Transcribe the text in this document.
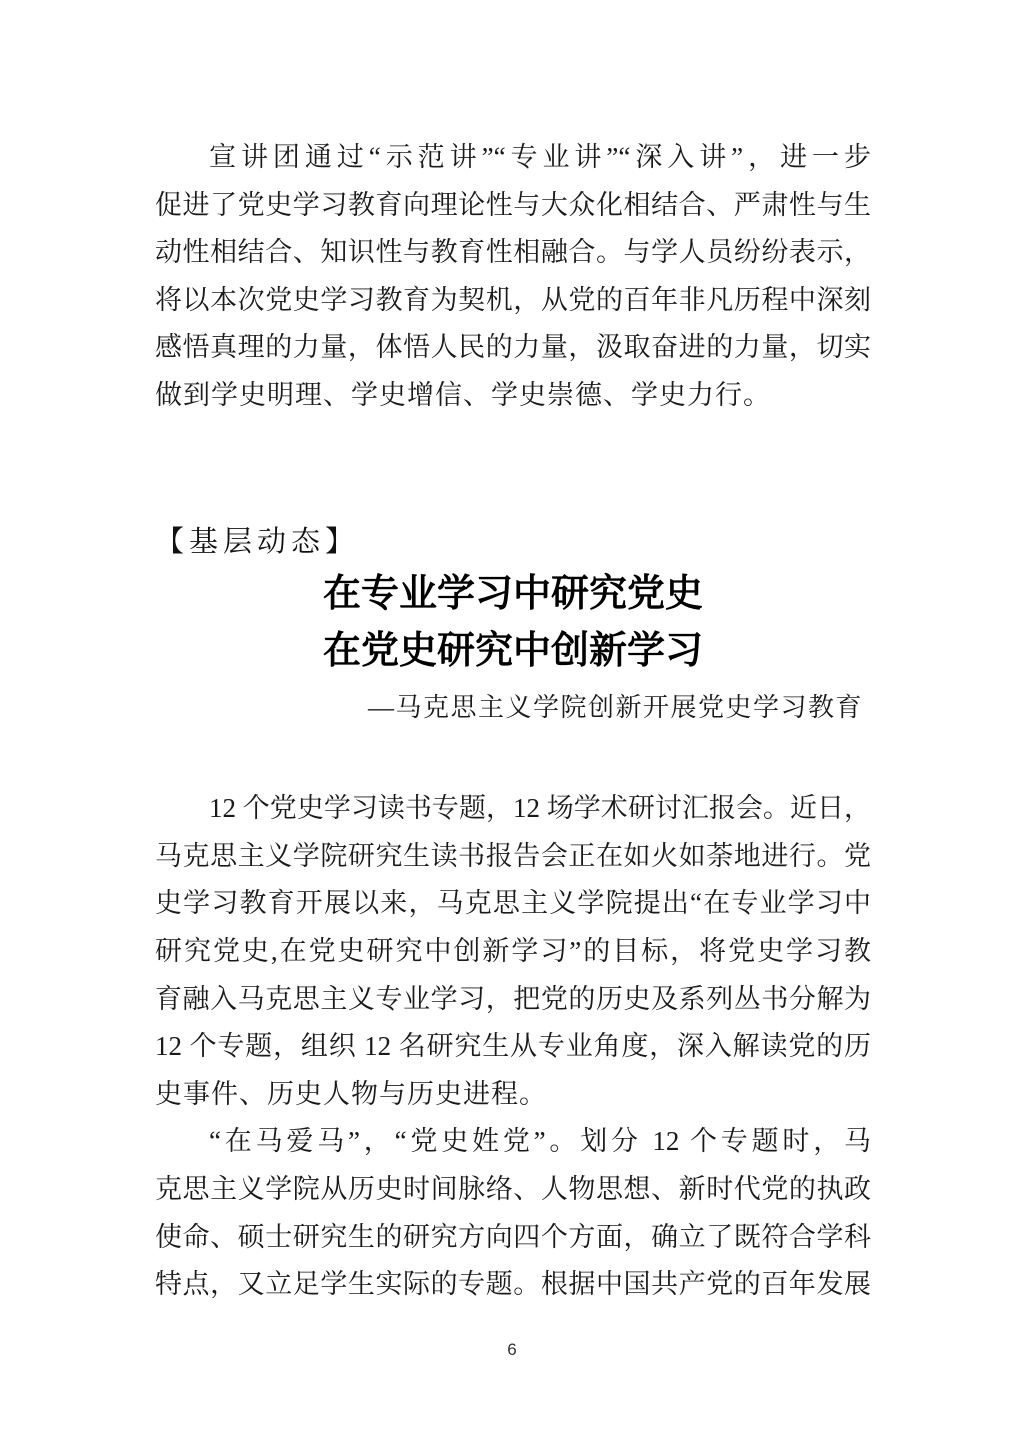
宣讲团通过“示范讲”“专业讲”“深入讲”，进一步
促进了党史学习教育向理论性与大众化相结合、严肃性与生
动性相结合、知识性与教育性相融合。与学人员纷纷表示，
将以本次党史学习教育为契机，从党的百年非凡历程中深刻
感悟真理的力量，体悟人民的力量，汲取奋进的力量，切实
做到学史明理、学史增信、学史崇德、学史力行。
【基层动态】
在专业学习中研究党史
在党史研究中创新学习
—马克思主义学院创新开展党史学习教育
12 个党史学习读书专题，12 场学术研讨汇报会。近日，
马克思主义学院研究生读书报告会正在如火如荼地进行。党
史学习教育开展以来，马克思主义学院提出“在专业学习中
研究党史,在党史研究中创新学习”的目标，将党史学习教
育融入马克思主义专业学习，把党的历史及系列丛书分解为
12 个专题，组织 12 名研究生从专业角度，深入解读党的历
史事件、历史人物与历史进程。
“在马爱马”，“党史姓党”。划分 12 个专题时，马
克思主义学院从历史时间脉络、人物思想、新时代党的执政
使命、硕士研究生的研究方向四个方面，确立了既符合学科
特点，又立足学生实际的专题。根据中国共产党的百年发展
6
